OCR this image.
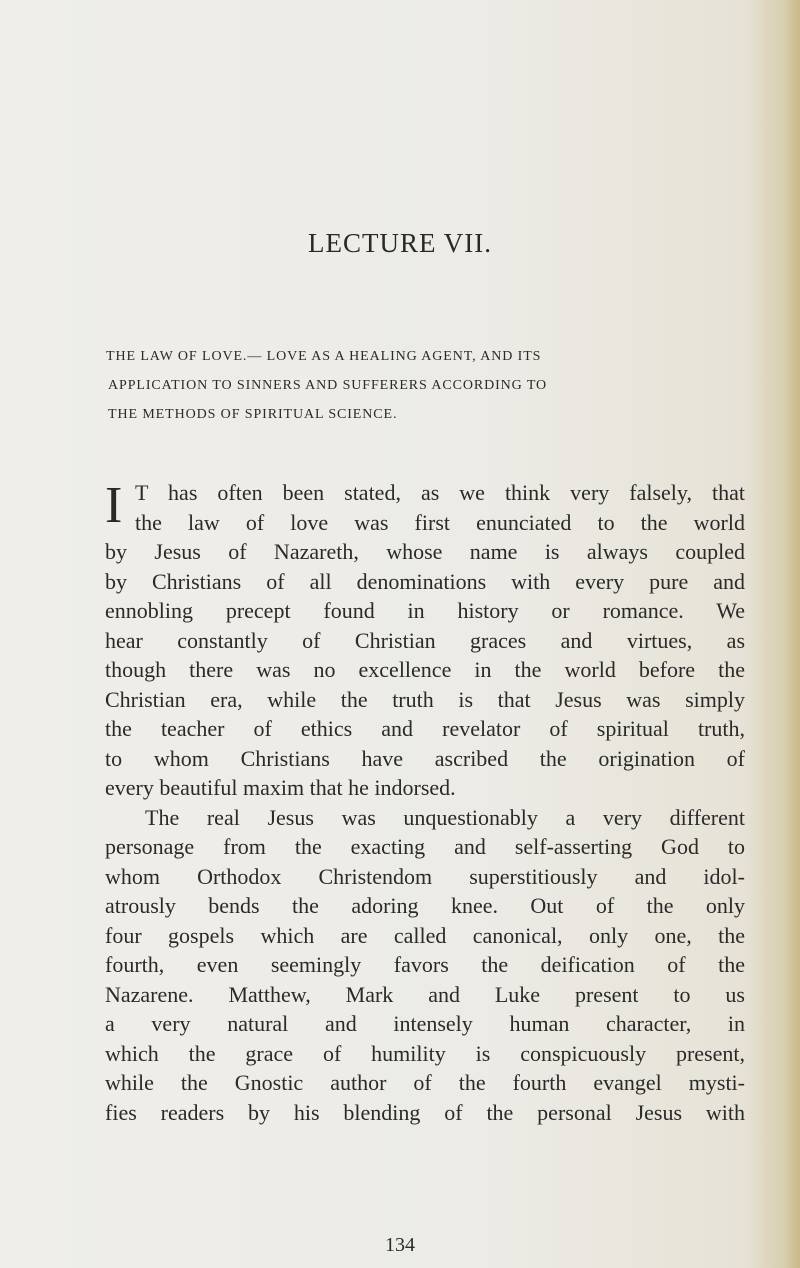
LECTURE VII.
THE LAW OF LOVE.— LOVE AS A HEALING AGENT, AND ITS
APPLICATION TO SINNERS AND SUFFERERS ACCORDING TO
THE METHODS OF SPIRITUAL SCIENCE.
I T has often been stated, as we think very falsely, that
the law of love was first enunciated to the world
by Jesus of Nazareth, whose name is always coupled
by Christians of all denominations with every pure and
ennobling precept found in history or romance. We
hear constantly of Christian graces and virtues, as
though there was no excellence in the world before the
Christian era, while the truth is that Jesus was simply
the teacher of ethics and revelator of spiritual truth,
to whom Christians have ascribed the origination of
every beautiful maxim that he indorsed.
The real Jesus was unquestionably a very different
personage from the exacting and self-asserting God to
whom Orthodox Christendom superstitiously and idol-
atrously bends the adoring knee. Out of the only
four gospels which are called canonical, only one, the
fourth, even seemingly favors the deification of the
Nazarene. Matthew, Mark and Luke present to us
a very natural and intensely human character, in
which the grace of humility is conspicuously present,
while the Gnostic author of the fourth evangel mysti-
fies readers by his blending of the personal Jesus with
134
